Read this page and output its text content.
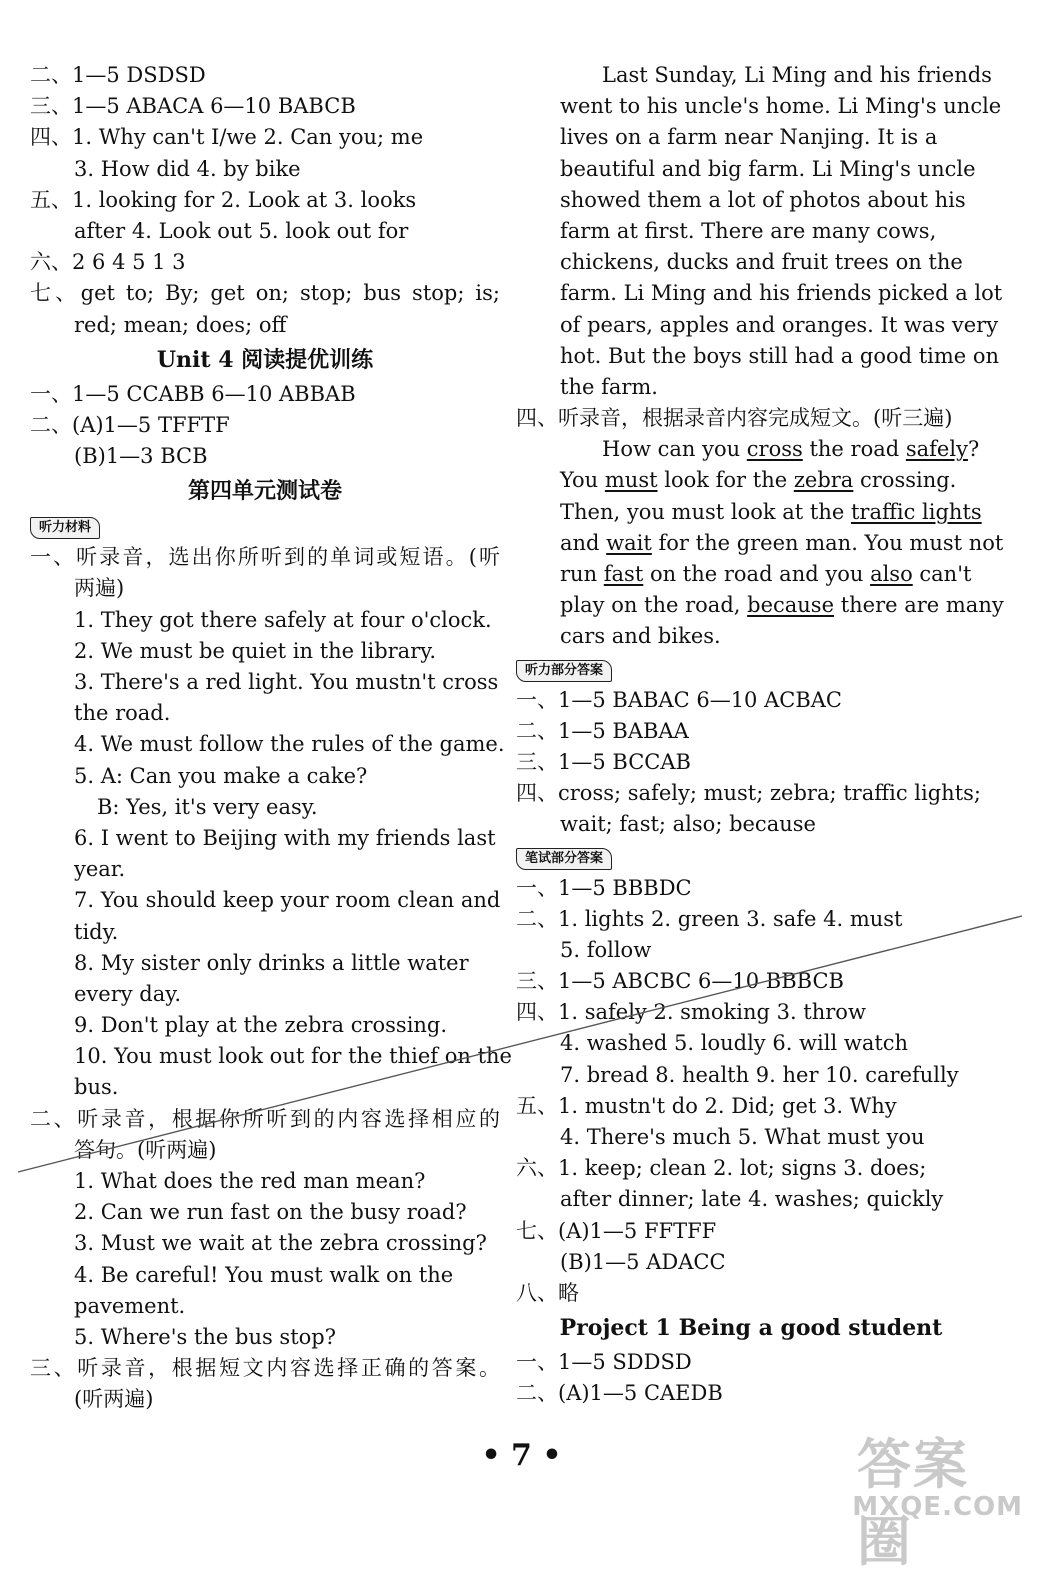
二、1—5 DSDSD
三、1—5 ABACA 6—10 BABCB
四、1. Why can't I/we 2. Can you; me
3. How did 4. by bike
五、1. looking for 2. Look at 3. looks
after 4. Look out 5. look out for
六、2 6 4 5 1 3
七、get to; By; get on; stop; bus stop; is;
red; mean; does; off
Unit 4 阅读提优训练
一、1—5 CCABB 6—10 ABBAB
二、(A)1—5 TFFTF
(B)1—3 BCB
第四单元测试卷
听力材料
一、听录音，选出你所听到的单词或短语。(听
两遍)
1. They got there safely at four o'clock.
2. We must be quiet in the library.
3. There's a red light. You mustn't cross
the road.
4. We must follow the rules of the game.
5. A: Can you make a cake?
B: Yes, it's very easy.
6. I went to Beijing with my friends last
year.
7. You should keep your room clean and
tidy.
8. My sister only drinks a little water
every day.
9. Don't play at the zebra crossing.
10. You must look out for the thief on the
bus.
二、听录音，根据你所听到的内容选择相应的
答句。(听两遍)
1. What does the red man mean?
2. Can we run fast on the busy road?
3. Must we wait at the zebra crossing?
4. Be careful! You must walk on the
pavement.
5. Where's the bus stop?
三、听录音，根据短文内容选择正确的答案。
(听两遍)
Last Sunday, Li Ming and his friends
went to his uncle's home. Li Ming's uncle
lives on a farm near Nanjing. It is a
beautiful and big farm. Li Ming's uncle
showed them a lot of photos about his
farm at first. There are many cows,
chickens, ducks and fruit trees on the
farm. Li Ming and his friends picked a lot
of pears, apples and oranges. It was very
hot. But the boys still had a good time on
the farm.
四、听录音，根据录音内容完成短文。(听三遍)
How can you cross the road safely?
You must look for the zebra crossing.
Then, you must look at the traffic lights
and wait for the green man. You must not
run fast on the road and you also can't
play on the road, because there are many
cars and bikes.
听力部分答案
一、1—5 BABAC 6—10 ACBAC
二、1—5 BABAA
三、1—5 BCCAB
四、cross; safely; must; zebra; traffic lights;
wait; fast; also; because
笔试部分答案
一、1—5 BBBDC
二、1. lights 2. green 3. safe 4. must
5. follow
三、1—5 ABCBC 6—10 BBBCB
四、1. safely 2. smoking 3. throw
4. washed 5. loudly 6. will watch
7. bread 8. health 9. her 10. carefully
五、1. mustn't do 2. Did; get 3. Why
4. There's much 5. What must you
六、1. keep; clean 2. lot; signs 3. does;
after dinner; late 4. washes; quickly
七、(A)1—5 FFTFF
(B)1—5 ADACC
八、略
Project 1 Being a good student
一、1—5 SDDSD
二、(A)1—5 CAEDB
• 7 •	答案圈
MXQE.COM
